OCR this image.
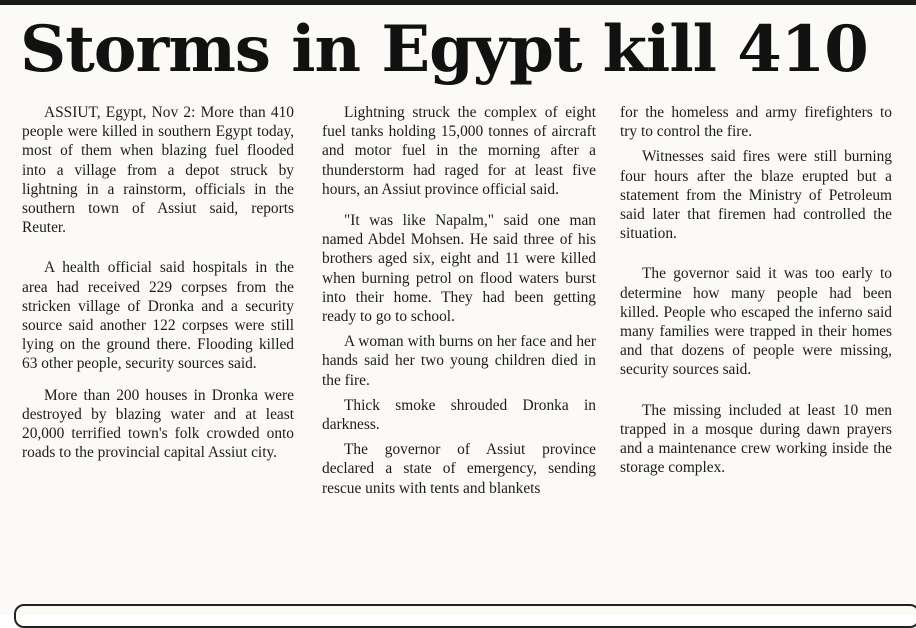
Storms in Egypt kill 410

ASSIUT, Egypt, Nov 2: More than 410 people were killed in southern Egypt today, most of them when blazing fuel flooded into a village from a depot struck by lightning in a rainstorm, officials in the southern town of Assiut said, reports Reuter.

A health official said hospitals in the area had received 229 corpses from the stricken village of Dronka and a security source said another 122 corpses were still lying on the ground there. Flooding killed 63 other people, security sources said.

More than 200 houses in Dronka were destroyed by blazing water and at least 20,000 terrified town's folk crowded onto roads to the provincial capital Assiut city.

Lightning struck the complex of eight fuel tanks holding 15,000 tonnes of aircraft and motor fuel in the morning after a thunderstorm had raged for at least five hours, an Assiut province official said.

"It was like Napalm," said one man named Abdel Mohsen. He said three of his brothers aged six, eight and 11 were killed when burning petrol on flood waters burst into their home. They had been getting ready to go to school.

A woman with burns on her face and her hands said her two young children died in the fire.

Thick smoke shrouded Dronka in darkness.

The governor of Assiut province declared a state of emergency, sending rescue units with tents and blankets

for the homeless and army firefighters to try to control the fire.

Witnesses said fires were still burning four hours after the blaze erupted but a statement from the Ministry of Petroleum said later that firemen had controlled the situation.

The governor said it was too early to determine how many people had been killed. People who escaped the inferno said many families were trapped in their homes and that dozens of people were missing, security sources said.

The missing included at least 10 men trapped in a mosque during dawn prayers and a maintenance crew working inside the storage complex.
